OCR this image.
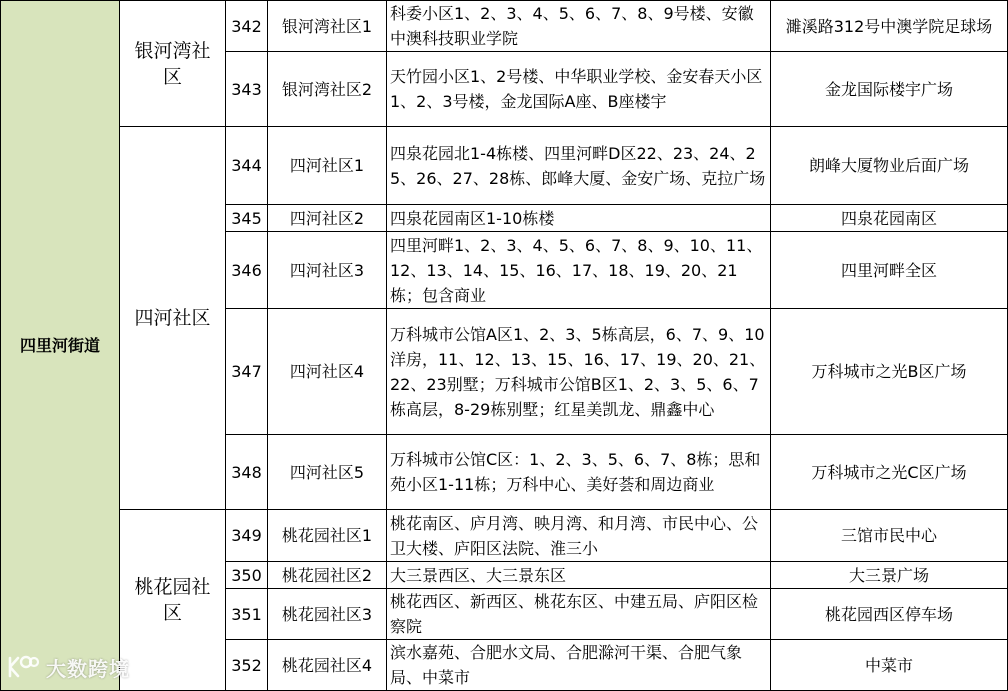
四里河街道	银河湾社区	342	银河湾社区1	科委小区1、2、3、4、5、6、7、8、9号楼、安徽中澳科技职业学院	濉溪路312号中澳学院足球场
		343	银河湾社区2	天竹园小区1、2号楼、中华职业学校、金安春天小区1、2、3号楼，金龙国际A座、B座楼宇	金龙国际楼宇广场
	四河社区	344	四河社区1	四泉花园北1-4栋楼、四里河畔D区22、23、24、25、26、27、28栋、郎峰大厦、金安广场、克拉广场	朗峰大厦物业后面广场
		345	四河社区2	四泉花园南区1-10栋楼	四泉花园南区
		346	四河社区3	四里河畔1、2、3、4、5、6、7、8、9、10、11、12、13、14、15、16、17、18、19、20、21栋；包含商业	四里河畔全区
		347	四河社区4	万科城市公馆A区1、2、3、5栋高层，6、7、9、10洋房，11、12、13、15、16、17、19、20、21、22、23别墅；万科城市公馆B区1、2、3、5、6、7栋高层，8-29栋别墅；红星美凯龙、鼎鑫中心	万科城市之光B区广场
		348	四河社区5	万科城市公馆C区：1、2、3、5、6、7、8栋；思和苑小区1-11栋；万科中心、美好荟和周边商业	万科城市之光C区广场
	桃花园社区	349	桃花园社区1	桃花南区、庐月湾、映月湾、和月湾、市民中心、公卫大楼、庐阳区法院、淮三小	三馆市民中心
		350	桃花园社区2	大三景西区、大三景东区	大三景广场
		351	桃花园社区3	桃花西区、新西区、桃花东区、中建五局、庐阳区检察院	桃花园西区停车场
		352	桃花园社区4	滨水嘉苑、合肥水文局、合肥滁河干渠、合肥气象局、中菜市	中菜市
大数跨境
